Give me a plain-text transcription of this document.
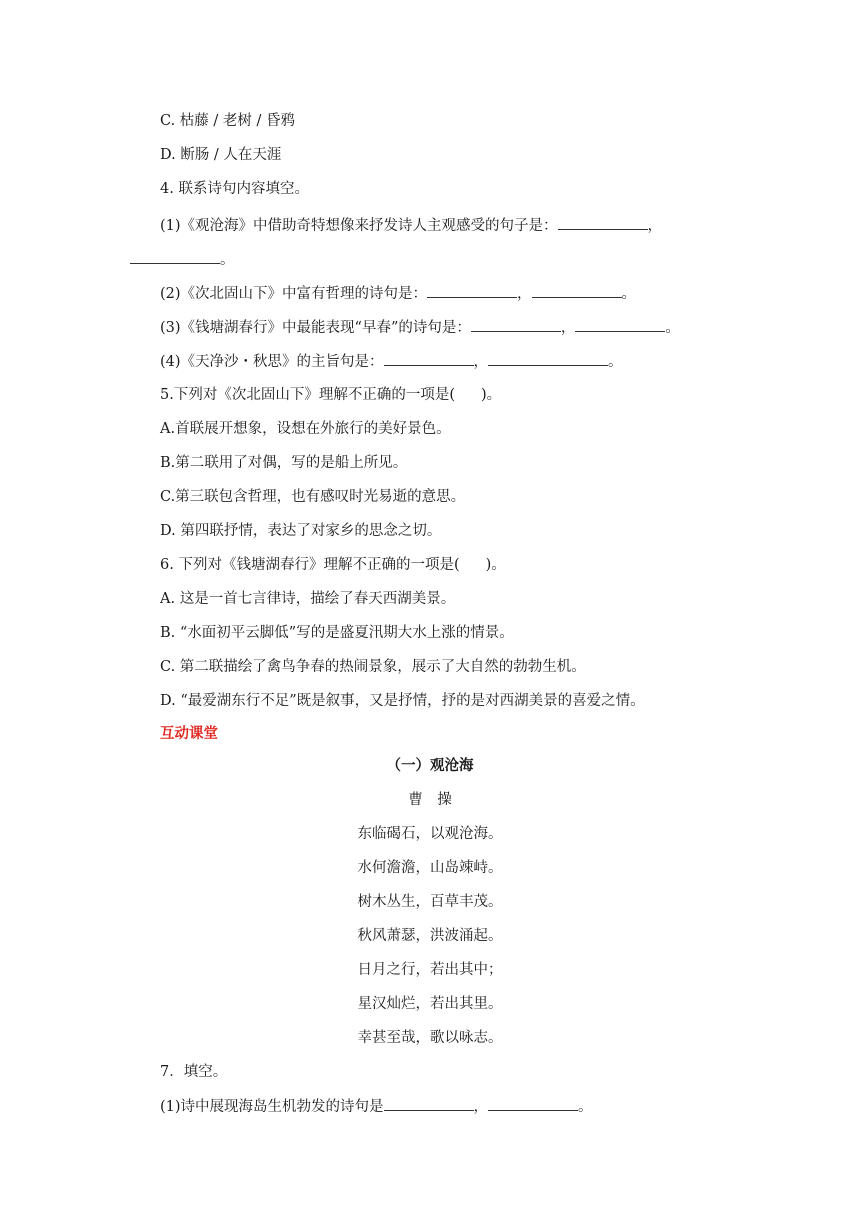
C. 枯藤 / 老树 / 昏鸦
D. 断肠 / 人在天涯
4. 联系诗句内容填空。
(1)《观沧海》中借助奇特想像来抒发诗人主观感受的句子是：	，
。
(2)《次北固山下》中富有哲理的诗句是：	，	。
(3)《钱塘湖春行》中最能表现“早春”的诗句是：	，	。
(4)《天净沙・秋思》的主旨句是：	，	。
5.下列对《次北固山下》理解不正确的一项是( )。
A.首联展开想象，设想在外旅行的美好景色。
B.第二联用了对偶，写的是船上所见。
C.第三联包含哲理，也有感叹时光易逝的意思。
D. 第四联抒情，表达了对家乡的思念之切。
6. 下列对《钱塘湖春行》理解不正确的一项是( )。
A. 这是一首七言律诗，描绘了春天西湖美景。
B. “水面初平云脚低”写的是盛夏汛期大水上涨的情景。
C. 第二联描绘了禽鸟争春的热闹景象，展示了大自然的勃勃生机。
D. “最爱湖东行不足”既是叙事，又是抒情，抒的是对西湖美景的喜爱之情。
互动课堂
（一）观沧海
曹　操
东临碣石，以观沧海。
水何澹澹，山岛竦峙。
树木丛生，百草丰茂。
秋风萧瑟，洪波涌起。
日月之行，若出其中；
星汉灿烂，若出其里。
幸甚至哉，歌以咏志。
7．填空。
(1)诗中展现海岛生机勃发的诗句是	，	。
